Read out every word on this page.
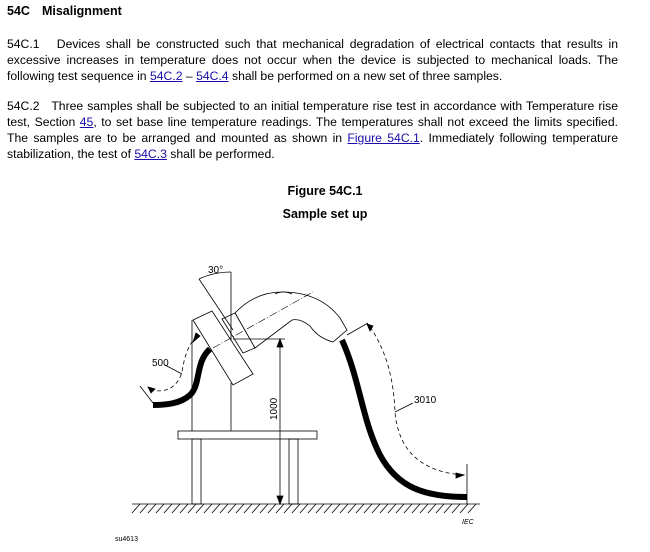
54C Misalignment
54C.1 Devices shall be constructed such that mechanical degradation of electrical contacts that results in excessive increases in temperature does not occur when the device is subjected to mechanical loads. The following test sequence in 54C.2 – 54C.4 shall be performed on a new set of three samples.
54C.2 Three samples shall be subjected to an initial temperature rise test in accordance with Temperature rise test, Section 45, to set base line temperature readings. The temperatures shall not exceed the limits specified. The samples are to be arranged and mounted as shown in Figure 54C.1. Immediately following temperature stabilization, the test of 54C.3 shall be performed.
Figure 54C.1
Sample set up
30°
500
1000	3010
IEC
su4613
